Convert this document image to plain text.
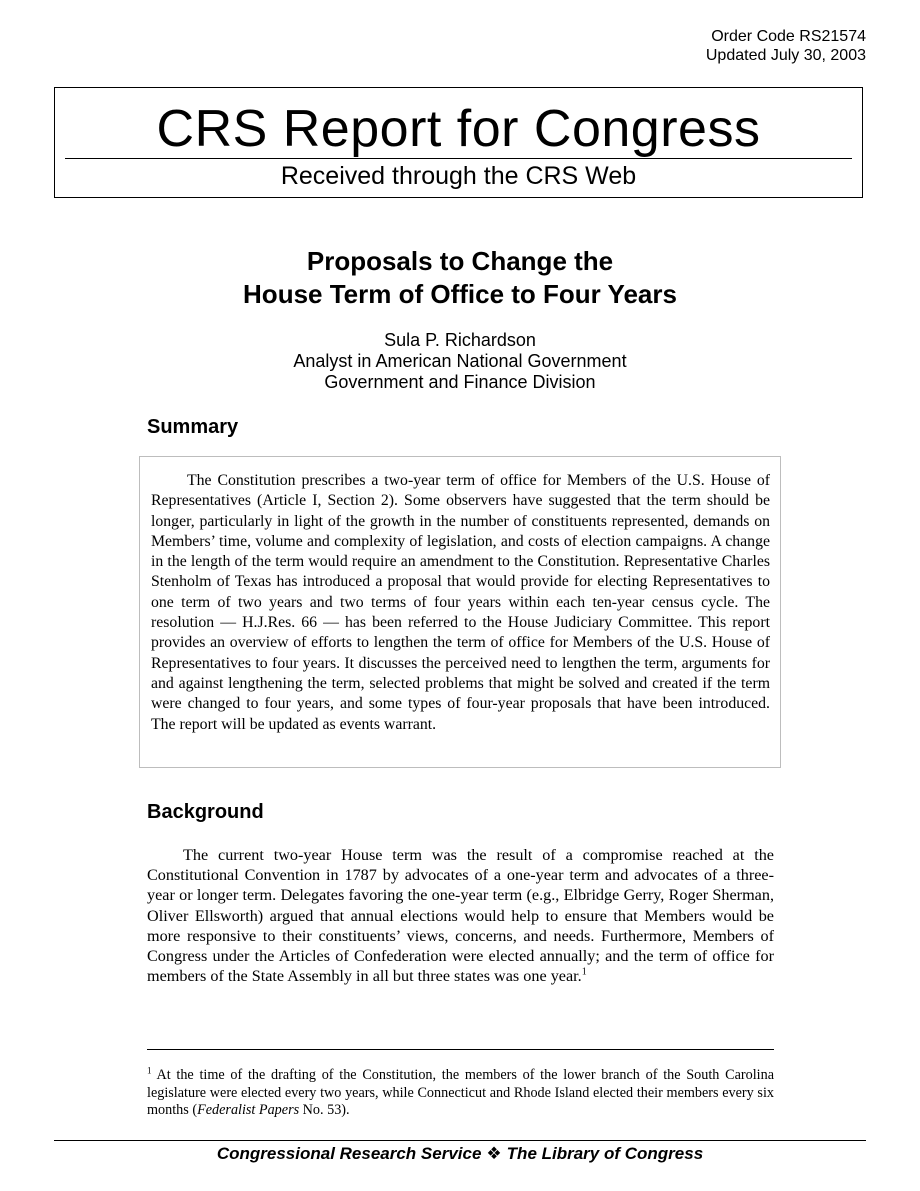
Order Code RS21574
Updated July 30, 2003
CRS Report for Congress
Received through the CRS Web
Proposals to Change the
House Term of Office to Four Years
Sula P. Richardson
Analyst in American National Government
Government and Finance Division
Summary

The Constitution prescribes a two-year term of office for Members of the U.S. House of Representatives (Article I, Section 2). Some observers have suggested that the term should be longer, particularly in light of the growth in the number of constituents represented, demands on Members’ time, volume and complexity of legislation, and costs of election campaigns. A change in the length of the term would require an amendment to the Constitution. Representative Charles Stenholm of Texas has introduced a proposal that would provide for electing Representatives to one term of two years and two terms of four years within each ten-year census cycle. The resolution — H.J.Res. 66 — has been referred to the House Judiciary Committee. This report provides an overview of efforts to lengthen the term of office for Members of the U.S. House of Representatives to four years. It discusses the perceived need to lengthen the term, arguments for and against lengthening the term, selected problems that might be solved and created if the term were changed to four years, and some types of four-year proposals that have been introduced. The report will be updated as events warrant.

Background

The current two-year House term was the result of a compromise reached at the Constitutional Convention in 1787 by advocates of a one-year term and advocates of a three-year or longer term. Delegates favoring the one-year term (e.g., Elbridge Gerry, Roger Sherman, Oliver Ellsworth) argued that annual elections would help to ensure that Members would be more responsive to their constituents’ views, concerns, and needs. Furthermore, Members of Congress under the Articles of Confederation were elected annually; and the term of office for members of the State Assembly in all but three states was one year.$^1$

$^1$ At the time of the drafting of the Constitution, the members of the lower branch of the South Carolina legislature were elected every two years, while Connecticut and Rhode Island elected their members every six months (Federalist Papers No. 53).

Congressional Research Service ❖ The Library of Congress
